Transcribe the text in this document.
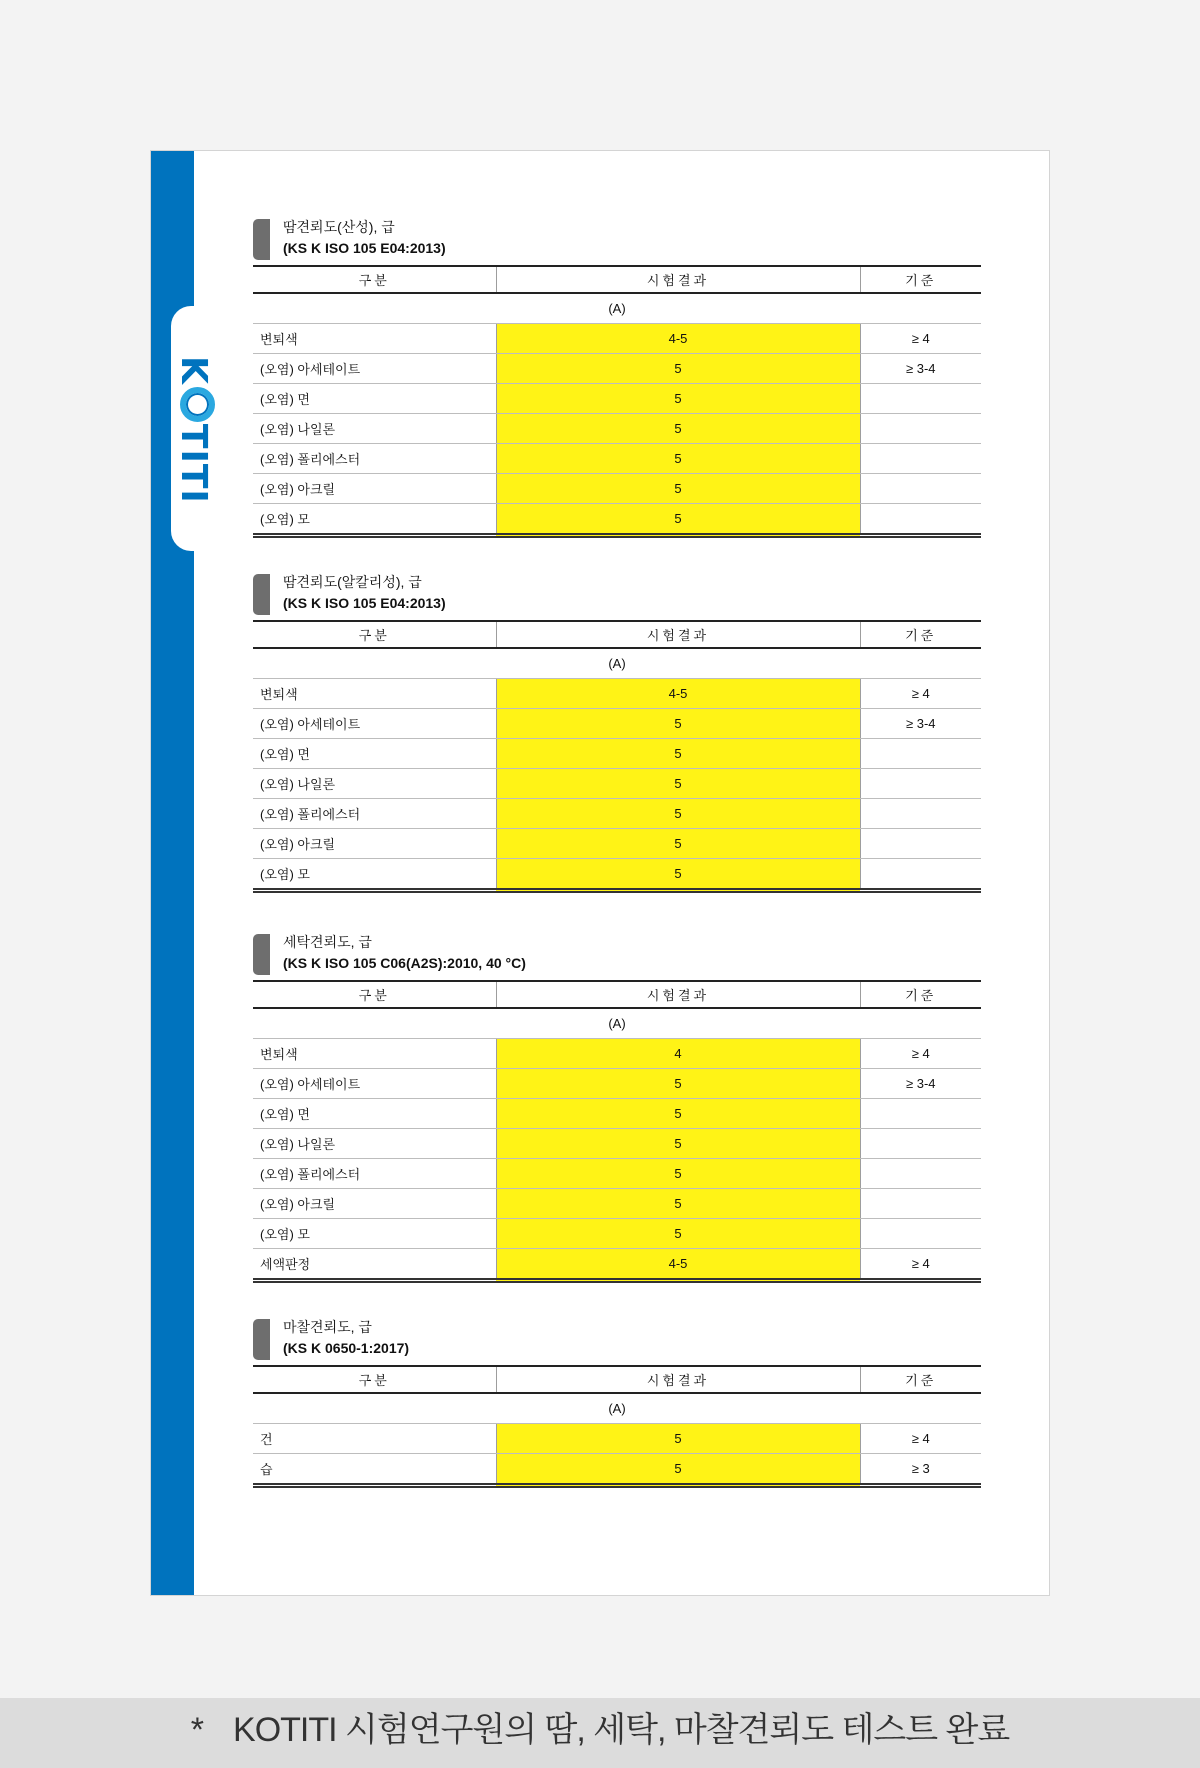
KTITI
땀견뢰도(산성), 급
(KS K ISO 105 E04:2013)
구분	시험결과	기준
(A)		
변퇴색	4-5	≥ 4
(오염) 아세테이트	5	≥ 3-4
(오염) 면	5	
(오염) 나일론	5	
(오염) 폴리에스터	5	
(오염) 아크릴	5	
(오염) 모	5	
땀견뢰도(알칼리성), 급
(KS K ISO 105 E04:2013)
구분	시험결과	기준
(A)		
변퇴색	4-5	≥ 4
(오염) 아세테이트	5	≥ 3-4
(오염) 면	5	
(오염) 나일론	5	
(오염) 폴리에스터	5	
(오염) 아크릴	5	
(오염) 모	5	
세탁견뢰도, 급
(KS K ISO 105 C06(A2S):2010, 40 °C)
구분	시험결과	기준
(A)		
변퇴색	4	≥ 4
(오염) 아세테이트	5	≥ 3-4
(오염) 면	5	
(오염) 나일론	5	
(오염) 폴리에스터	5	
(오염) 아크릴	5	
(오염) 모	5	
세액판정	4-5	≥ 4
마찰견뢰도, 급
(KS K 0650-1:2017)
구분	시험결과	기준
(A)		
건	5	≥ 4
습	5	≥ 3
* KOTITI 시험연구원의 땀, 세탁, 마찰견뢰도 테스트 완료
